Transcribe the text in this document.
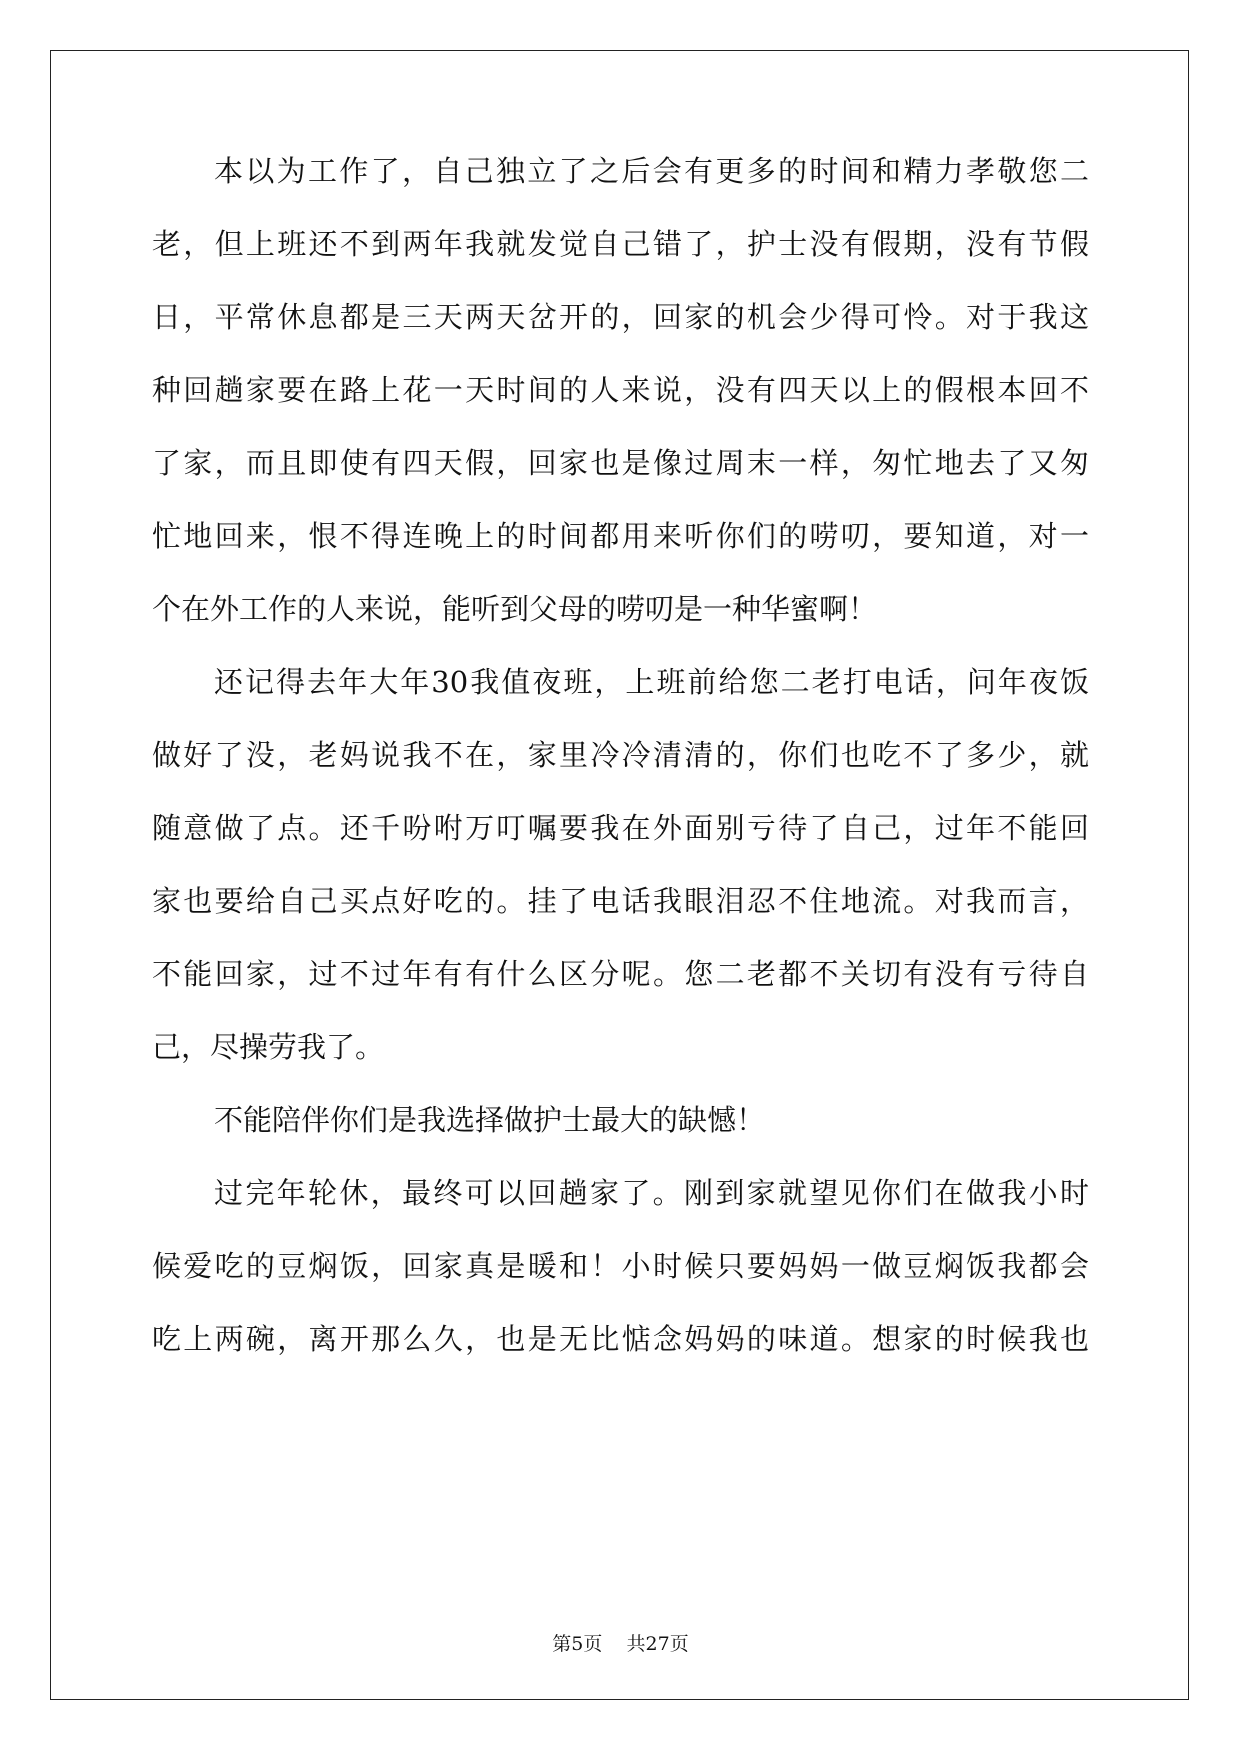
本以为工作了，自己独立了之后会有更多的时间和精力孝敬您二
老，但上班还不到两年我就发觉自己错了，护士没有假期，没有节假
日，平常休息都是三天两天岔开的，回家的机会少得可怜。对于我这
种回趟家要在路上花一天时间的人来说，没有四天以上的假根本回不
了家，而且即使有四天假，回家也是像过周末一样，匆忙地去了又匆
忙地回来，恨不得连晚上的时间都用来听你们的唠叨，要知道，对一
个在外工作的人来说，能听到父母的唠叨是一种华蜜啊！
还记得去年大年30我值夜班，上班前给您二老打电话，问年夜饭
做好了没，老妈说我不在，家里冷冷清清的，你们也吃不了多少，就
随意做了点。还千吩咐万叮嘱要我在外面别亏待了自己，过年不能回
家也要给自己买点好吃的。挂了电话我眼泪忍不住地流。对我而言，
不能回家，过不过年有有什么区分呢。您二老都不关切有没有亏待自
己，尽操劳我了。
不能陪伴你们是我选择做护士最大的缺憾！
过完年轮休，最终可以回趟家了。刚到家就望见你们在做我小时
候爱吃的豆焖饭，回家真是暖和！小时候只要妈妈一做豆焖饭我都会
吃上两碗，离开那么久，也是无比惦念妈妈的味道。想家的时候我也
第5页 共27页
